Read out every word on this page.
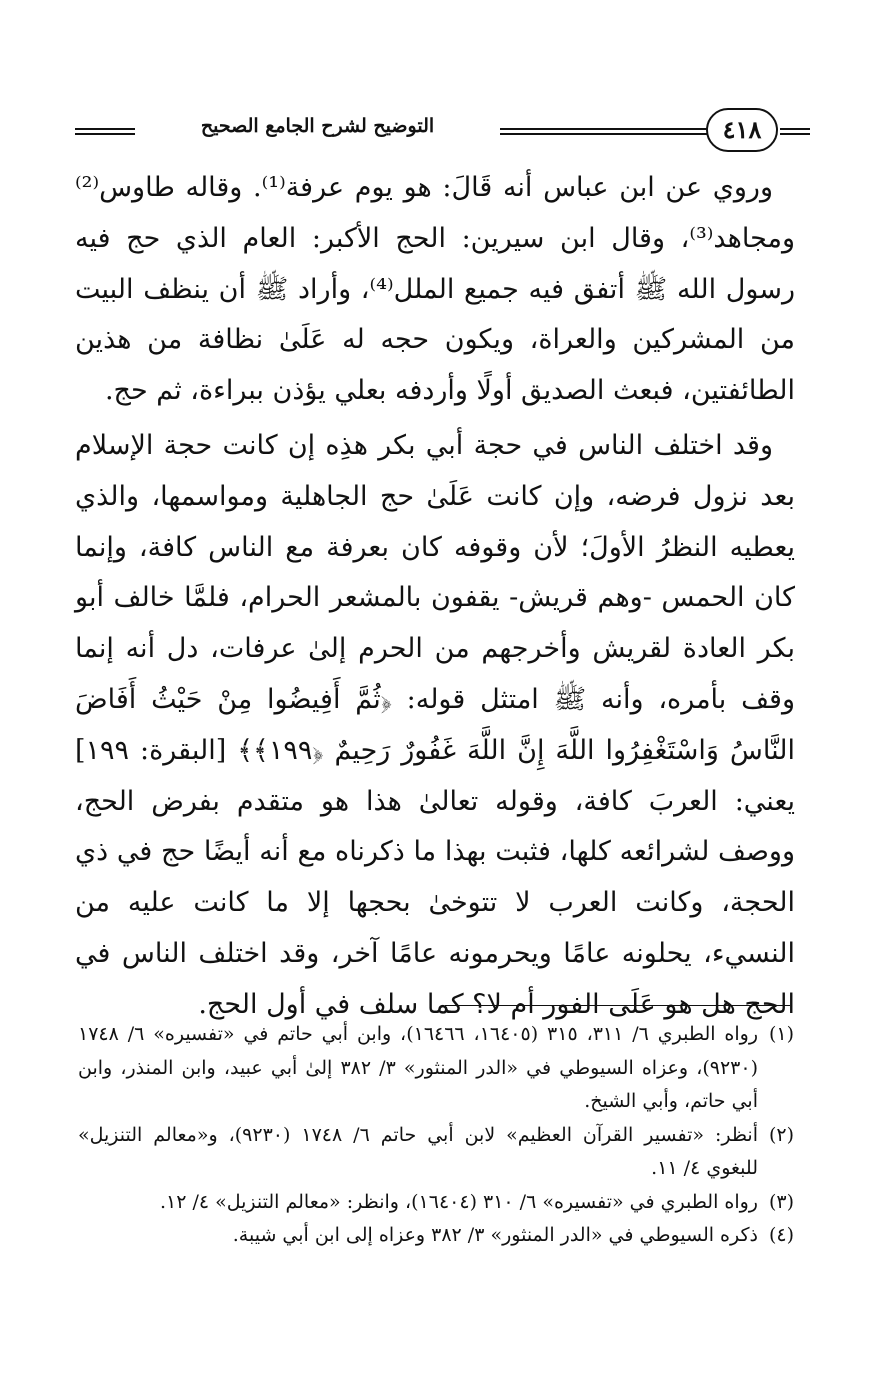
التوضيح لشرح الجامع الصحيح	٤١٨

وروي عن ابن عباس أنه قَالَ: هو يوم عرفة⁽¹⁾. وقاله طاوس⁽²⁾ ومجاهد⁽³⁾، وقال ابن سيرين: الحج الأكبر: العام الذي حج فيه رسول الله ﷺ أتفق فيه جميع الملل⁽⁴⁾، وأراد ﷺ أن ينظف البيت من المشركين والعراة، ويكون حجه له عَلَىٰ نظافة من هذين الطائفتين، فبعث الصديق أولًا وأردفه بعلي يؤذن ببراءة، ثم حج.

وقد اختلف الناس في حجة أبي بكر هذِه إن كانت حجة الإسلام بعد نزول فرضه، وإن كانت عَلَىٰ حج الجاهلية ومواسمها، والذي يعطيه النظرُ الأولَ؛ لأن وقوفه كان بعرفة مع الناس كافة، وإنما كان الحمس -وهم قريش- يقفون بالمشعر الحرام، فلمَّا خالف أبو بكر العادة لقريش وأخرجهم من الحرم إلىٰ عرفات، دل أنه إنما وقف بأمره، وأنه ﷺ امتثل قوله: ﴿ثُمَّ أَفِيضُوا مِنْ حَيْثُ أَفَاضَ النَّاسُ وَاسْتَغْفِرُوا اللَّهَ إِنَّ اللَّهَ غَفُورٌ رَحِيمٌ ﴿١٩٩﴾﴾ [البقرة: ١٩٩] يعني: العربَ كافة، وقوله تعالىٰ هذا هو متقدم بفرض الحج، ووصف لشرائعه كلها، فثبت بهذا ما ذكرناه مع أنه أيضًا حج في ذي الحجة، وكانت العرب لا تتوخىٰ بحجها إلا ما كانت عليه من النسيء، يحلونه عامًا ويحرمونه عامًا آخر، وقد اختلف الناس في الحج هل هو عَلَى الفور أم لا؟ كما سلف في أول الحج.

(١)
رواه الطبري ٦/ ٣١١، ٣١٥ (١٦٤٠٥، ١٦٤٦٦)، وابن أبي حاتم في «تفسيره» ٦/ ١٧٤٨ (٩٢٣٠)، وعزاه السيوطي في «الدر المنثور» ٣/ ٣٨٢ إلىٰ أبي عبيد، وابن المنذر، وابن أبي حاتم، وأبي الشيخ.
(٢)
أنظر: «تفسير القرآن العظيم» لابن أبي حاتم ٦/ ١٧٤٨ (٩٢٣٠)، و«معالم التنزيل» للبغوي ٤/ ١١.
(٣)
رواه الطبري في «تفسيره» ٦/ ٣١٠ (١٦٤٠٤)، وانظر: «معالم التنزيل» ٤/ ١٢.
(٤)
ذكره السيوطي في «الدر المنثور» ٣/ ٣٨٢ وعزاه إلى ابن أبي شيبة.
